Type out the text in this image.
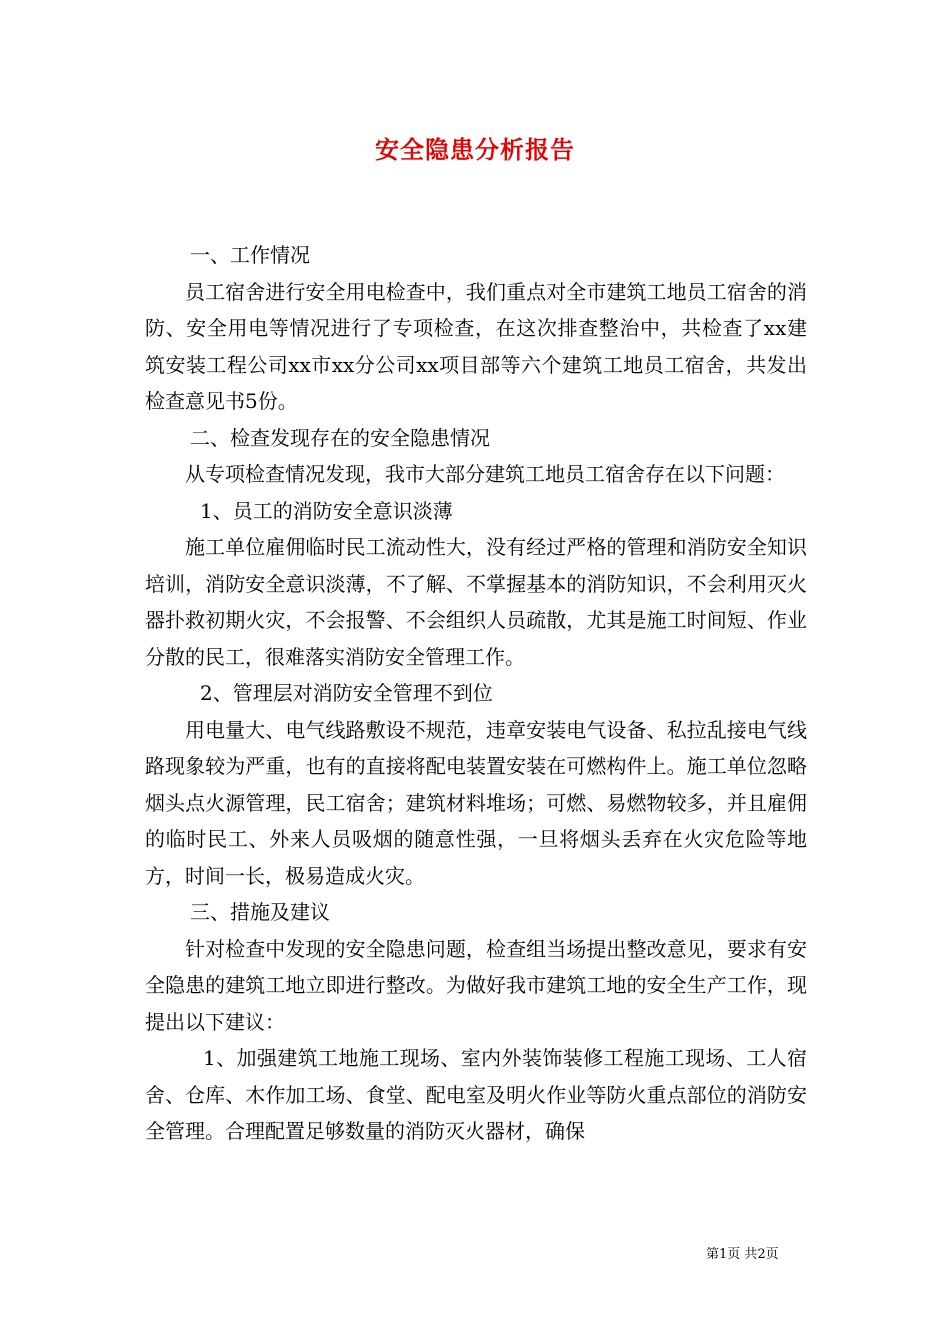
安全隐患分析报告

一、工作情况

员工宿舍进行安全用电检查中，我们重点对全市建筑工地员工宿舍的消防、安全用电等情况进行了专项检查，在这次排查整治中，共检查了xx建筑安装工程公司xx市xx分公司xx项目部等六个建筑工地员工宿舍，共发出检查意见书5份。

二、检查发现存在的安全隐患情况

从专项检查情况发现，我市大部分建筑工地员工宿舍存在以下问题：

1、员工的消防安全意识淡薄

施工单位雇佣临时民工流动性大，没有经过严格的管理和消防安全知识培训，消防安全意识淡薄，不了解、不掌握基本的消防知识，不会利用灭火器扑救初期火灾，不会报警、不会组织人员疏散，尤其是施工时间短、作业分散的民工，很难落实消防安全管理工作。

2、管理层对消防安全管理不到位

用电量大、电气线路敷设不规范，违章安装电气设备、私拉乱接电气线路现象较为严重，也有的直接将配电装置安装在可燃构件上。施工单位忽略烟头点火源管理，民工宿舍；建筑材料堆场；可燃、易燃物较多，并且雇佣的临时民工、外来人员吸烟的随意性强，一旦将烟头丢弃在火灾危险等地方，时间一长，极易造成火灾。

三、措施及建议

针对检查中发现的安全隐患问题，检查组当场提出整改意见，要求有安全隐患的建筑工地立即进行整改。为做好我市建筑工地的安全生产工作，现提出以下建议：

1、加强建筑工地施工现场、室内外装饰装修工程施工现场、工人宿舍、仓库、木作加工场、食堂、配电室及明火作业等防火重点部位的消防安全管理。合理配置足够数量的消防灭火器材，确保

第1页 共2页
